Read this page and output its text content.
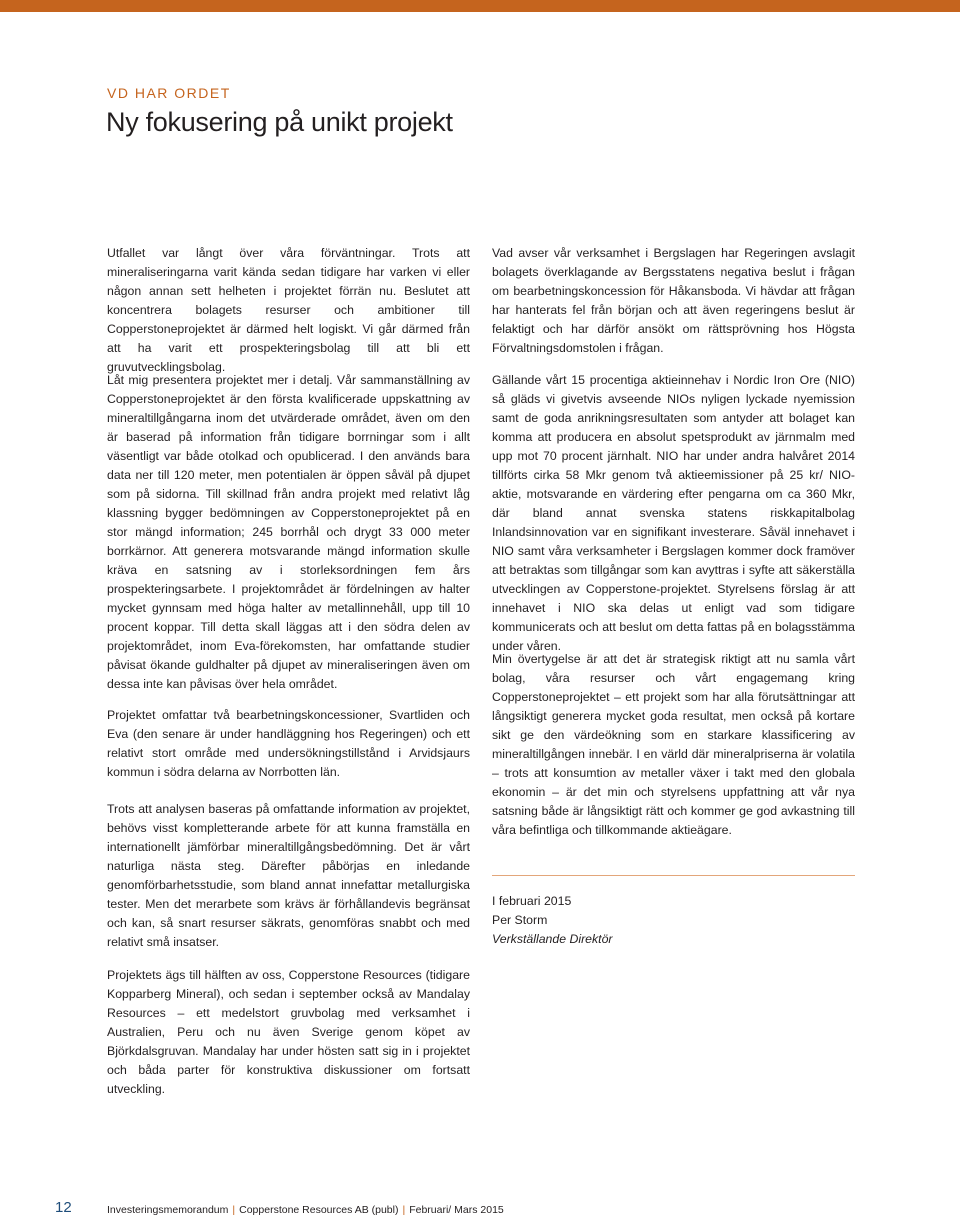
VD HAR ORDET
Ny fokusering på unikt projekt

Utfallet var långt över våra förväntningar. Trots att mineraliseringarna varit kända sedan tidigare har varken vi eller någon annan sett helheten i projektet förrän nu. Beslutet att koncentrera bolagets resurser och ambitioner till Copperstoneprojektet är därmed helt logiskt. Vi går därmed från att ha varit ett prospekteringsbolag till att bli ett gruvutvecklingsbolag.

Låt mig presentera projektet mer i detalj. Vår sammanställning av Copperstoneprojektet är den första kvalificerade uppskattning av mineraltillgångarna inom det utvärderade området, även om den är baserad på information från tidigare borrningar som i allt väsentligt var både otolkad och opublicerad. I den används bara data ner till 120 meter, men potentialen är öppen såväl på djupet som på sidorna. Till skillnad från andra projekt med relativt låg klassning bygger bedömningen av Copperstoneprojektet på en stor mängd information; 245 borrhål och drygt 33 000 meter borrkärnor. Att generera motsvarande mängd information skulle kräva en satsning av i storleksordningen fem års prospekteringsarbete. I projektområdet är fördelningen av halter mycket gynnsam med höga halter av metallinnehåll, upp till 10 procent koppar. Till detta skall läggas att i den södra delen av projektområdet, inom Eva-förekomsten, har omfattande studier påvisat ökande guldhalter på djupet av mineraliseringen även om dessa inte kan påvisas över hela området.

Projektet omfattar två bearbetningskoncessioner, Svartliden och Eva (den senare är under handläggning hos Regeringen) och ett relativt stort område med undersökningstillstånd i Arvidsjaurs kommun i södra delarna av Norrbotten län.

Trots att analysen baseras på omfattande information av projektet, behövs visst kompletterande arbete för att kunna framställa en internationellt jämförbar mineraltillgångsbedömning. Det är vårt naturliga nästa steg. Därefter påbörjas en inledande genomförbarhetsstudie, som bland annat innefattar metallurgiska tester. Men det merarbete som krävs är förhållandevis begränsat och kan, så snart resurser säkrats, genomföras snabbt och med relativt små insatser.

Projektets ägs till hälften av oss, Copperstone Resources (tidigare Kopparberg Mineral), och sedan i september också av Mandalay Resources – ett medelstort gruvbolag med verksamhet i Australien, Peru och nu även Sverige genom köpet av Björkdalsgruvan. Mandalay har under hösten satt sig in i projektet och båda parter för konstruktiva diskussioner om fortsatt utveckling.

Vad avser vår verksamhet i Bergslagen har Regeringen avslagit bolagets överklagande av Bergsstatens negativa beslut i frågan om bearbetningskoncession för Håkansboda. Vi hävdar att frågan har hanterats fel från början och att även regeringens beslut är felaktigt och har därför ansökt om rättsprövning hos Högsta Förvaltningsdomstolen i frågan.

Gällande vårt 15 procentiga aktieinnehav i Nordic Iron Ore (NIO) så gläds vi givetvis avseende NIOs nyligen lyckade nyemission samt de goda anrikningsresultaten som antyder att bolaget kan komma att producera en absolut spetsprodukt av järnmalm med upp mot 70 procent järnhalt. NIO har under andra halvåret 2014 tillförts cirka 58 Mkr genom två aktieemissioner på 25 kr/ NIO-aktie, motsvarande en värdering efter pengarna om ca 360 Mkr, där bland annat svenska statens riskkapitalbolag Inlandsinnovation var en signifikant investerare. Såväl innehavet i NIO samt våra verksamheter i Bergslagen kommer dock framöver att betraktas som tillgångar som kan avyttras i syfte att säkerställa utvecklingen av Copperstone-projektet. Styrelsens förslag är att innehavet i NIO ska delas ut enligt vad som tidigare kommunicerats och att beslut om detta fattas på en bolagsstämma under våren.

Min övertygelse är att det är strategisk riktigt att nu samla vårt bolag, våra resurser och vårt engagemang kring Copperstoneprojektet – ett projekt som har alla förutsättningar att långsiktigt generera mycket goda resultat, men också på kortare sikt ge den värdeökning som en starkare klassificering av mineraltillgången innebär. I en värld där mineralpriserna är volatila – trots att konsumtion av metaller växer i takt med den globala ekonomin – är det min och styrelsens uppfattning att vår nya satsning både är långsiktigt rätt och kommer ge god avkastning till våra befintliga och tillkommande aktieägare.

I februari 2015
Per Storm
Verkställande Direktör
12	Investeringsmemorandum | Copperstone Resources AB (publ) | Februari/ Mars 2015
